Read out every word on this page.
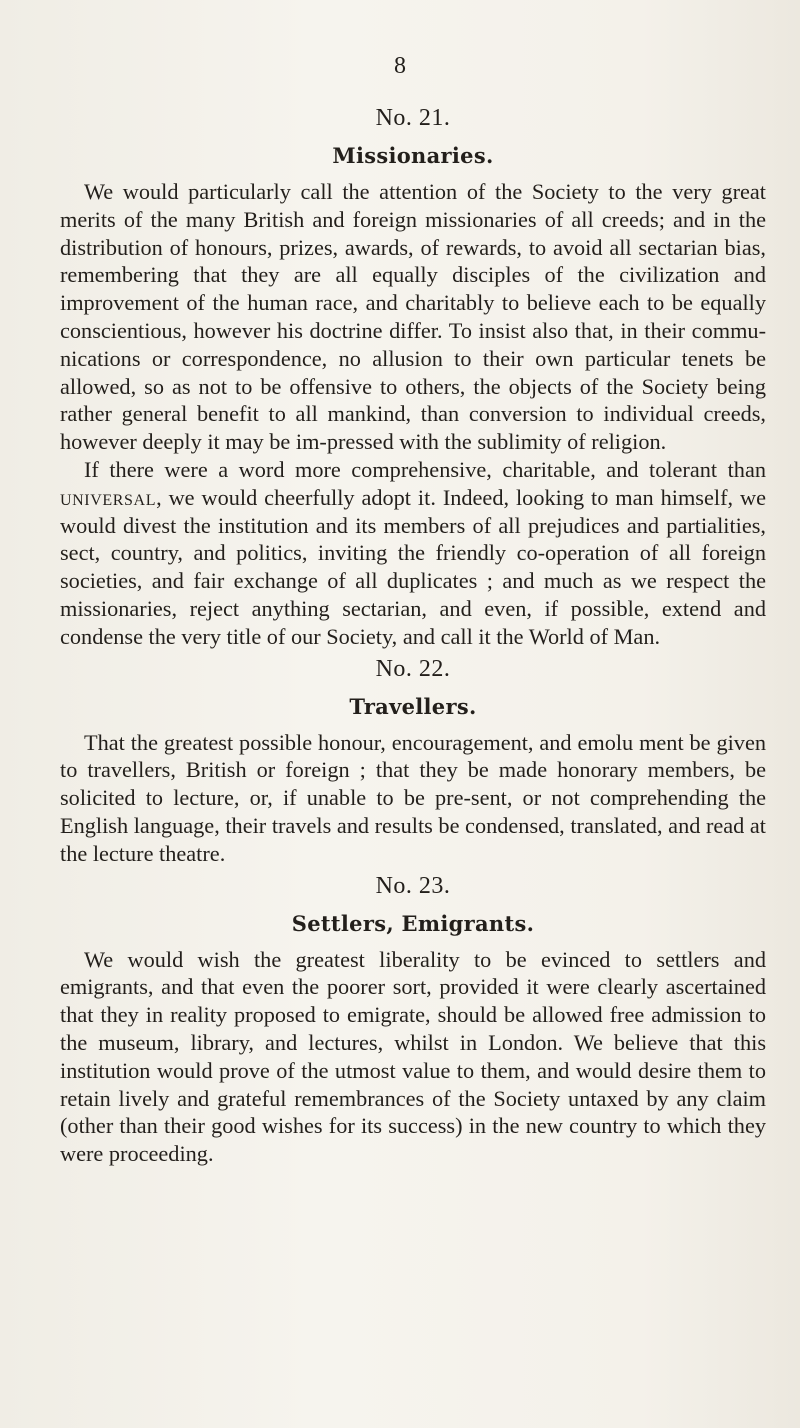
8

No. 21.

Missionaries.

We would particularly call the attention of the Society to the very great merits of the many British and foreign missionaries of all creeds; and in the distribution of honours, prizes, awards, of rewards, to avoid all sectarian bias, remembering that they are all equally disciples of the civilization and improvement of the human race, and charitably to believe each to be equally conscientious, however his doctrine differ. To insist also that, in their commu-nications or correspondence, no allusion to their own particular tenets be allowed, so as not to be offensive to others, the objects of the Society being rather general benefit to all mankind, than conversion to individual creeds, however deeply it may be im-pressed with the sublimity of religion.

If there were a word more comprehensive, charitable, and tolerant than universal, we would cheerfully adopt it. Indeed, looking to man himself, we would divest the institution and its members of all prejudices and partialities, sect, country, and politics, inviting the friendly co-operation of all foreign societies, and fair exchange of all duplicates ; and much as we respect the missionaries, reject anything sectarian, and even, if possible, extend and condense the very title of our Society, and call it the World of Man.

No. 22.

Travellers.

That the greatest possible honour, encouragement, and emolu ment be given to travellers, British or foreign ; that they be made honorary members, be solicited to lecture, or, if unable to be pre-sent, or not comprehending the English language, their travels and results be condensed, translated, and read at the lecture theatre.

No. 23.

Settlers, Emigrants.

We would wish the greatest liberality to be evinced to settlers and emigrants, and that even the poorer sort, provided it were clearly ascertained that they in reality proposed to emigrate, should be allowed free admission to the museum, library, and lectures, whilst in London. We believe that this institution would prove of the utmost value to them, and would desire them to retain lively and grateful remembrances of the Society untaxed by any claim (other than their good wishes for its success) in the new country to which they were proceeding.
